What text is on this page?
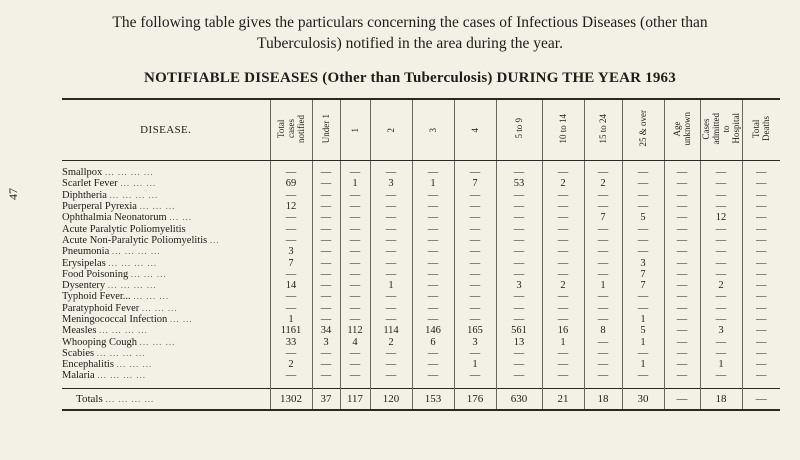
The following table gives the particulars concerning the cases of Infectious Diseases (other than
Tuberculosis) notified in the area during the year.
NOTIFIABLE DISEASES (Other than Tuberculosis) DURING THE YEAR 1963
47
DISEASE.	Total
cases
notified	Under 1	1	2	3	4	5 to 9	10 to 14	15 to 24	25 & over	Age
unknown	Cases
admitted
to
Hospital	Total
Deaths

Smallpox ... ... ... ...	—	—	—	—	—	—	—	—	—	—	—	—	—
Scarlet Fever ... ... ...	69	—	1	3	1	7	53	2	2	—	—	—	—
Diphtheria ... ... ... ...	—	—	—	—	—	—	—	—	—	—	—	—	—
Puerperal Pyrexia ... ... ...	12	—	—	—	—	—	—	—	—	—	—	—	—
Ophthalmia Neonatorum ... ...	—	—	—	—	—	—	—	—	7	5	—	12	—
Acute Paralytic Poliomyelitis	—	—	—	—	—	—	—	—	—	—	—	—	—
Acute Non-Paralytic Poliomyelitis ...	—	—	—	—	—	—	—	—	—	—	—	—	—
Pneumonia ... ... ... ...	3	—	—	—	—	—	—	—	—	—	—	—	—
Erysipelas ... ... ... ...	7	—	—	—	—	—	—	—	—	3	—	—	—
Food Poisoning ... ... ...	—	—	—	—	—	—	—	—	—	7	—	—	—
Dysentery ... ... ... ...	14	—	—	1	—	—	3	2	1	7	—	2	—
Typhoid Fever... ... ... ...	—	—	—	—	—	—	—	—	—	—	—	—	—
Paratyphoid Fever ... ... ...	—	—	—	—	—	—	—	—	—	—	—	—	—
Meningococcal Infection ... ...	1	—	—	—	—	—	—	—	—	1	—	—	—
Measles ... ... ... ...	1161	34	112	114	146	165	561	16	8	5	—	3	—
Whooping Cough ... ... ...	33	3	4	2	6	3	13	1	—	1	—	—	—
Scabies ... ... ... ...	—	—	—	—	—	—	—	—	—	—	—	—	—
Encephalitis ... ... ...	2	—	—	—	—	1	—	—	—	1	—	1	—
Malaria ... ... ... ...	—	—	—	—	—	—	—	—	—	—	—	—	—

Totals ... ... ... ...	1302	37	117	120	153	176	630	21	18	30	—	18	—
